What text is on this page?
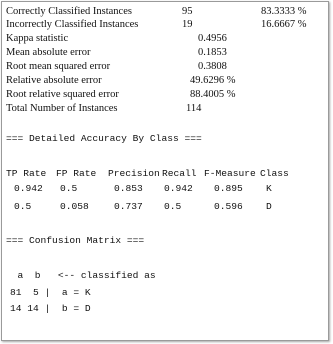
Correctly Classified Instances	95	83.3333 %
Incorrectly Classified Instances	19	16.6667 %
Kappa statistic	0.4956
Mean absolute error	0.1853
Root mean squared error	0.3808
Relative absolute error	49.6296 %
Root relative squared error	88.4005 %
Total Number of Instances	114
=== Detailed Accuracy By Class ===
TP Rate FP Rate Precision Recall F-Measure Class
0.942 0.5	0.853 0.942 0.895 K
0.5	0.058	0.737 0.5	0.596 D
=== Confusion Matrix ===
a  b   <-- classified as
81  5 |  a = K
14 14 |  b = D
